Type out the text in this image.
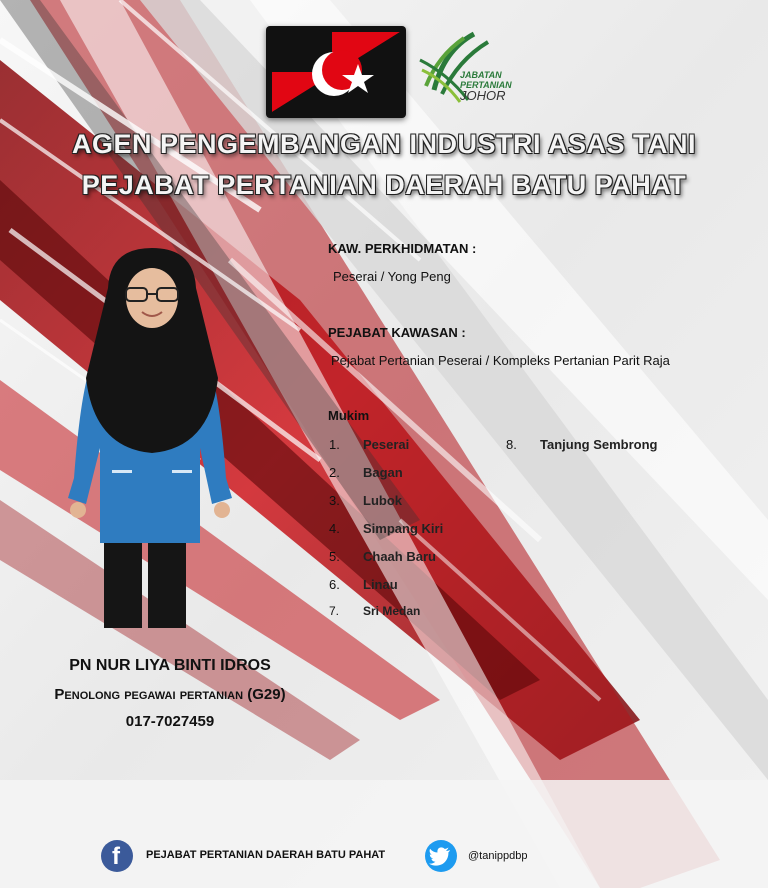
JABATAN
PERTANIAN
JOHOR
AGEN PENGEMBANGAN INDUSTRI ASAS TANI
PEJABAT PERTANIAN DAERAH BATU PAHAT
KAW. PERKHIDMATAN :
Peserai / Yong Peng
PEJABAT KAWASAN :
Pejabat Pertanian Peserai / Kompleks Pertanian Parit Raja
Mukim
1. Peserai
2. Bagan
3. Lubok
4. Simpang Kiri
5. Chaah Baru
6. Linau
7. Sri Medan
8. Tanjung Sembrong
PN NUR LIYA BINTI IDROS
Penolong pegawai pertanian (G29)
017-7027459
f PEJABAT PERTANIAN DAERAH BATU PAHAT	@tanippdbp
